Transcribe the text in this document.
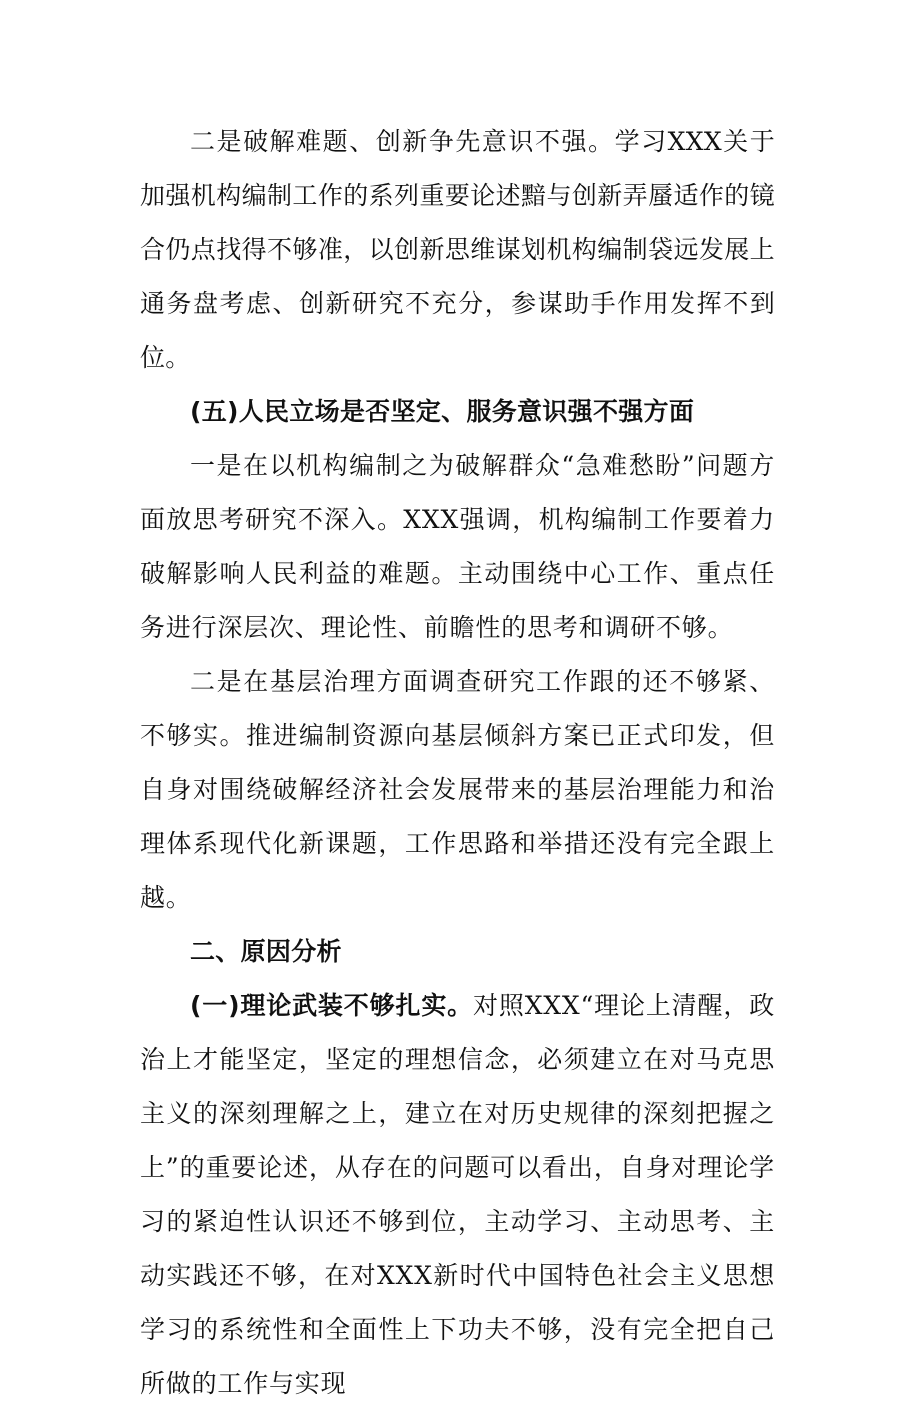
二是破解难题、创新争先意识不强。学习XXX关于加强机构编制工作的系列重要论述黯与创新弄蜃适作的镜合仍点找得不够准，以创新思维谋划机构编制袋远发展上通务盘考虑、创新研究不充分，参谋助手作用发挥不到位。

(五)人民立场是否坚定、服务意识强不强方面

一是在以机构编制之为破解群众“急难愁盼”问题方面放思考研究不深入。XXX强调，机构编制工作要着力破解影响人民利益的难题。主动围绕中心工作、重点任务进行深层次、理论性、前瞻性的思考和调研不够。

二是在基层治理方面调查研究工作跟的还不够紧、不够实。推进编制资源向基层倾斜方案已正式印发，但自身对围绕破解经济社会发展带来的基层治理能力和治理体系现代化新课题，工作思路和举措还没有完全跟上越。

二、原因分析

(一)理论武装不够扎实。对照XXX“理论上清醒，政治上才能坚定，坚定的理想信念，必须建立在对马克思主义的深刻理解之上，建立在对历史规律的深刻把握之上”的重要论述，从存在的问题可以看出，自身对理论学习的紧迫性认识还不够到位，主动学习、主动思考、主动实践还不够，在对XXX新时代中国特色社会主义思想学习的系统性和全面性上下功夫不够，没有完全把自己所做的工作与实现
